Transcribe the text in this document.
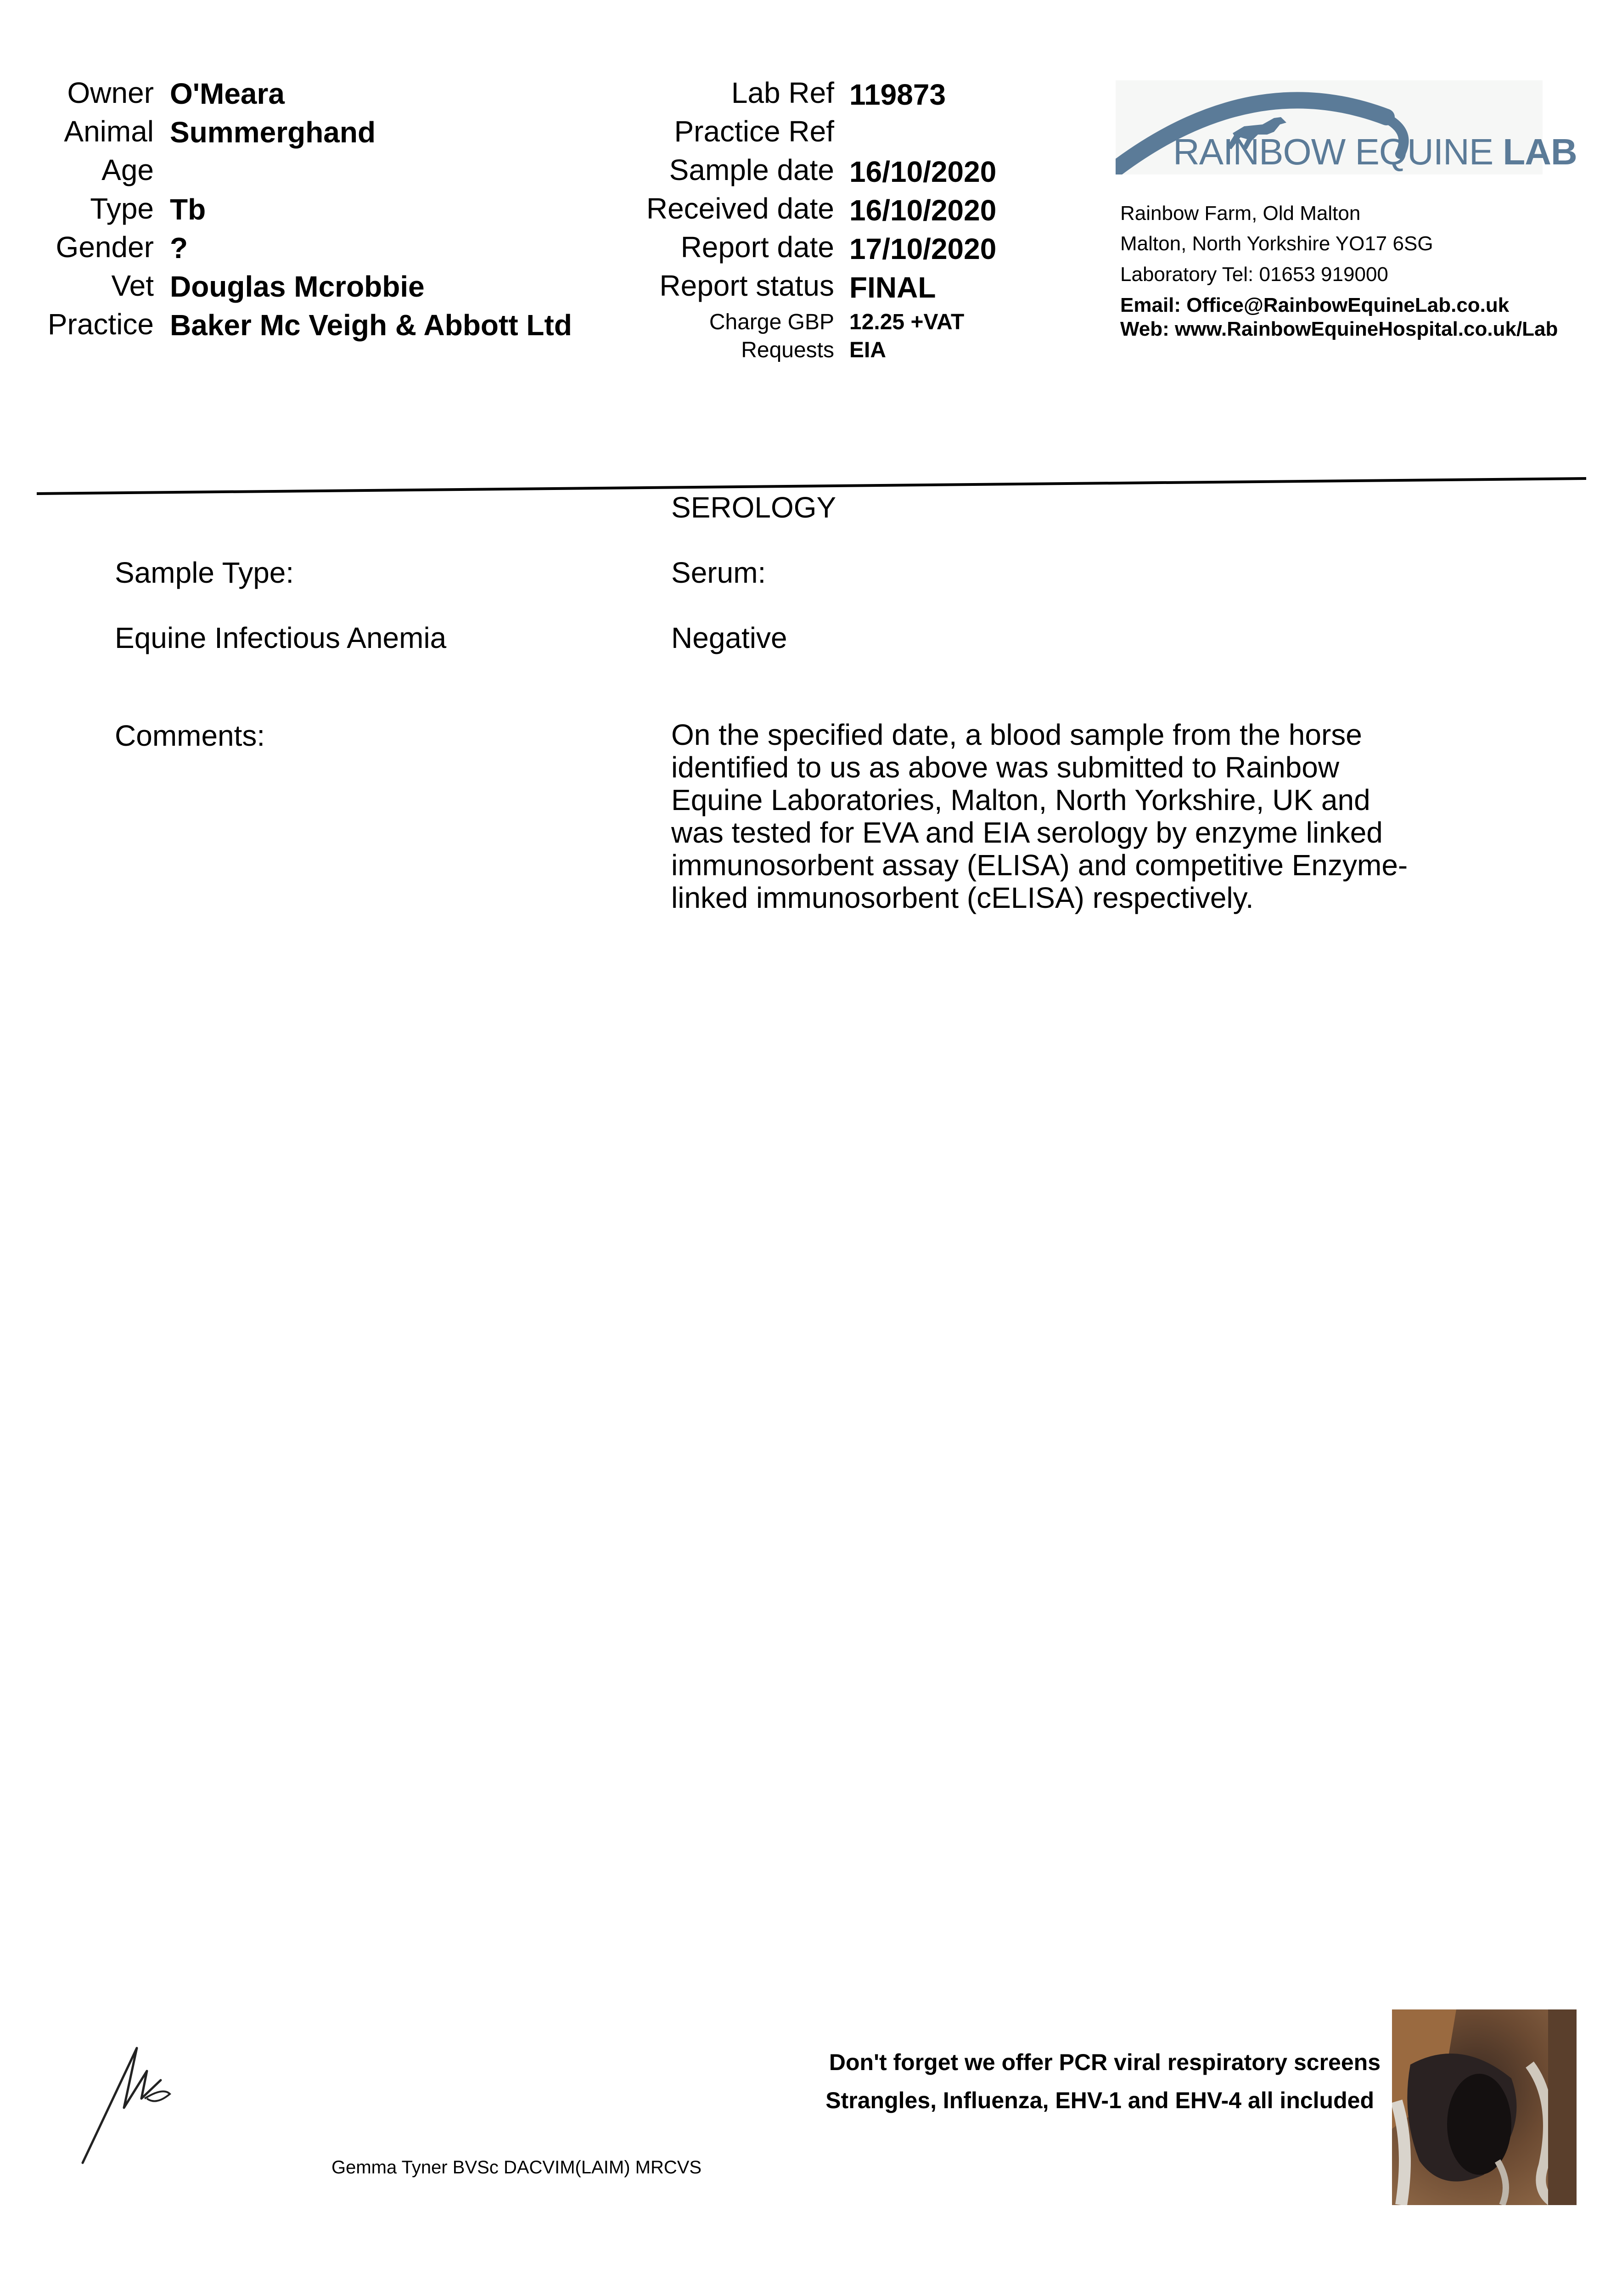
Owner O'Meara
Animal Summerghand
Age
Type Tb
Gender ?
Vet Douglas Mcrobbie
Practice Baker Mc Veigh & Abbott Ltd
Lab Ref 119873
Practice Ref
Sample date 16/10/2020
Received date 16/10/2020
Report date 17/10/2020
Report status FINAL
Charge GBP 12.25 +VAT
Requests EIA
RAINBOW EQUINE LAB
Rainbow Farm, Old Malton
Malton, North Yorkshire YO17 6SG
Laboratory Tel: 01653 919000
Email: Office@RainbowEquineLab.co.uk
Web: www.RainbowEquineHospital.co.uk/Lab
SEROLOGY
Sample Type:	Serum:
Equine Infectious Anemia	Negative
Comments:	On the specified date, a blood sample from the horse identified to us as above was submitted to Rainbow Equine Laboratories, Malton, North Yorkshire, UK and was tested for EVA and EIA serology by enzyme linked immunosorbent assay (ELISA) and competitive Enzyme-linked immunosorbent (cELISA) respectively.
Gemma Tyner BVSc DACVIM(LAIM) MRCVS
Don't forget we offer PCR viral respiratory screens
Strangles, Influenza, EHV-1 and EHV-4 all included
